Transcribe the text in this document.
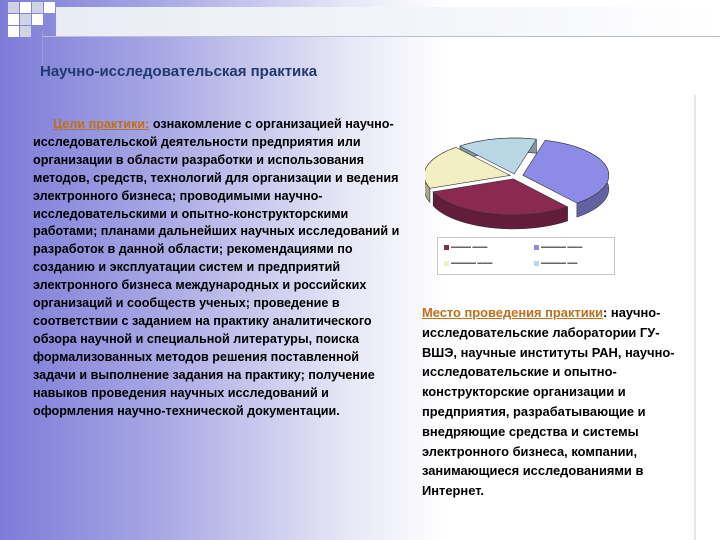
Научно-исследовательская практика
Цели практики: ознакомление с организацией научно-исследовательской деятельности предприятия или организации в области разработки и использования методов, средств, технологий для организации и ведения электронного бизнеса; проводимыми научно-исследовательскими и опытно-конструкторскими работами; планами дальнейших научных исследований и разработок в данной области; рекомендациями по созданию и эксплуатации систем и предприятий электронного бизнеса международных и российских организаций и сообществ ученых; проведение в соответствии с заданием на практику аналитического обзора научной и специальной литературы, поиска формализованных методов решения поставленной задачи и выполнение задания на практику; получение навыков проведения научных исследований и оформления научно-технической документации.
▬▬▬▬ ▬▬▬	▬▬▬▬▬ ▬▬▬
▬▬▬▬▬ ▬▬▬	▬▬▬▬▬ ▬▬
Место проведения практики: научно-исследовательские лаборатории ГУ-ВШЭ, научные институты РАН, научно-исследовательские и опытно-конструкторские организации и предприятия, разрабатывающие и внедряющие средства и системы электронного бизнеса, компании, занимающиеся исследованиями в Интернет.
